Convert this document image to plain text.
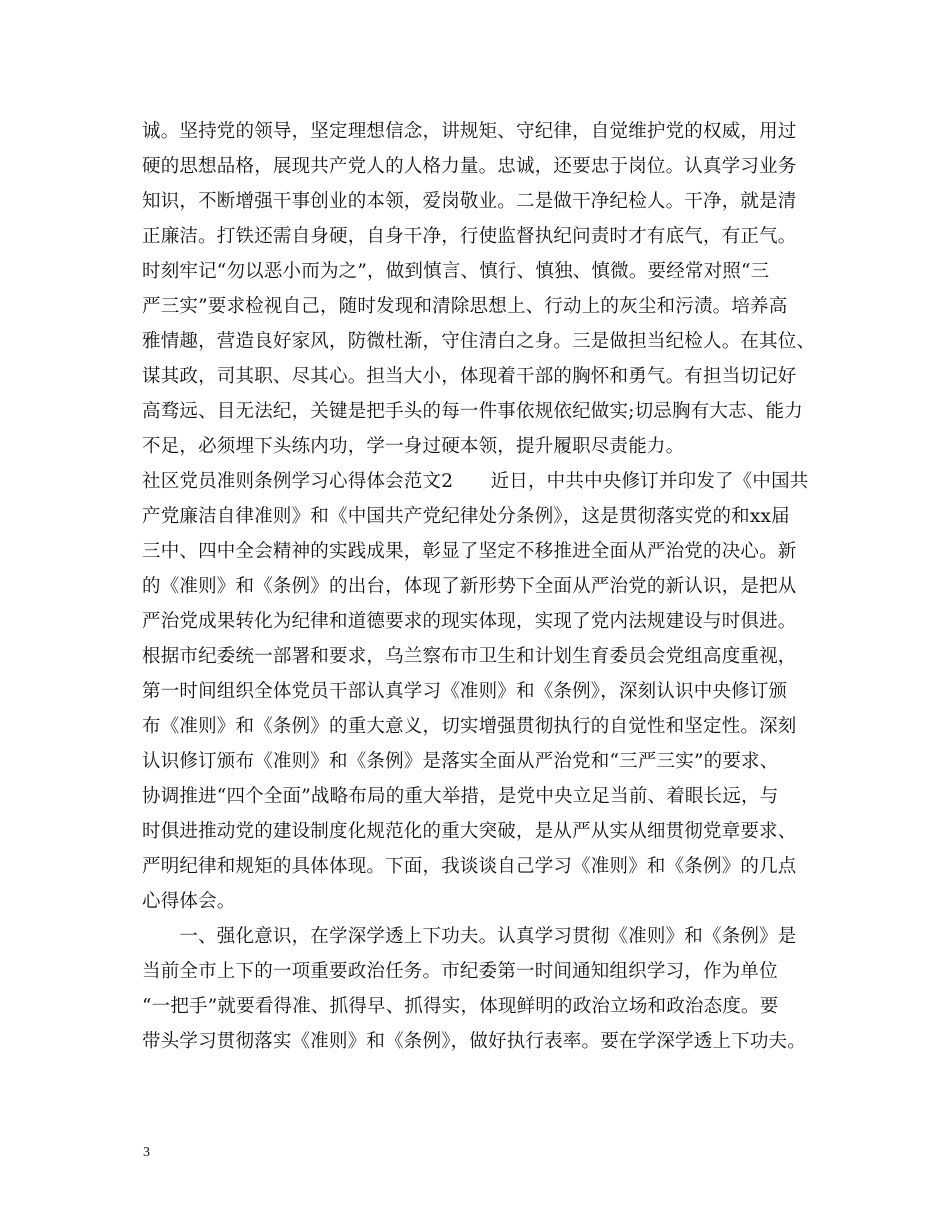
诚。坚持党的领导，坚定理想信念，讲规矩、守纪律，自觉维护党的权威，用过
硬的思想品格，展现共产党人的人格力量。忠诚，还要忠于岗位。认真学习业务
知识，不断增强干事创业的本领，爱岗敬业。二是做干净纪检人。干净，就是清
正廉洁。打铁还需自身硬，自身干净，行使监督执纪问责时才有底气，有正气。
时刻牢记“勿以恶小而为之”，做到慎言、慎行、慎独、慎微。要经常对照“三
严三实”要求检视自己，随时发现和清除思想上、行动上的灰尘和污渍。培养高
雅情趣，营造良好家风，防微杜渐，守住清白之身。三是做担当纪检人。在其位、
谋其政，司其职、尽其心。担当大小，体现着干部的胸怀和勇气。有担当切记好
高骛远、目无法纪，关键是把手头的每一件事依规依纪做实;切忌胸有大志、能力
不足，必须埋下头练内功，学一身过硬本领，提升履职尽责能力。
社区党员准则条例学习心得体会范文2　　近日，中共中央修订并印发了《中国共
产党廉洁自律准则》和《中国共产党纪律处分条例》，这是贯彻落实党的和xx届
三中、四中全会精神的实践成果，彰显了坚定不移推进全面从严治党的决心。新
的《准则》和《条例》的出台，体现了新形势下全面从严治党的新认识，是把从
严治党成果转化为纪律和道德要求的现实体现，实现了党内法规建设与时俱进。
根据市纪委统一部署和要求，乌兰察布市卫生和计划生育委员会党组高度重视，
第一时间组织全体党员干部认真学习《准则》和《条例》，深刻认识中央修订颁
布《准则》和《条例》的重大意义，切实增强贯彻执行的自觉性和坚定性。深刻
认识修订颁布《准则》和《条例》是落实全面从严治党和“三严三实”的要求、
协调推进“四个全面”战略布局的重大举措，是党中央立足当前、着眼长远，与
时俱进推动党的建设制度化规范化的重大突破，是从严从实从细贯彻党章要求、
严明纪律和规矩的具体体现。下面，我谈谈自己学习《准则》和《条例》的几点
心得体会。
　　一、强化意识，在学深学透上下功夫。认真学习贯彻《准则》和《条例》是
当前全市上下的一项重要政治任务。市纪委第一时间通知组织学习，作为单位
“一把手”就要看得准、抓得早、抓得实，体现鲜明的政治立场和政治态度。要
带头学习贯彻落实《准则》和《条例》，做好执行表率。要在学深学透上下功夫。
3
